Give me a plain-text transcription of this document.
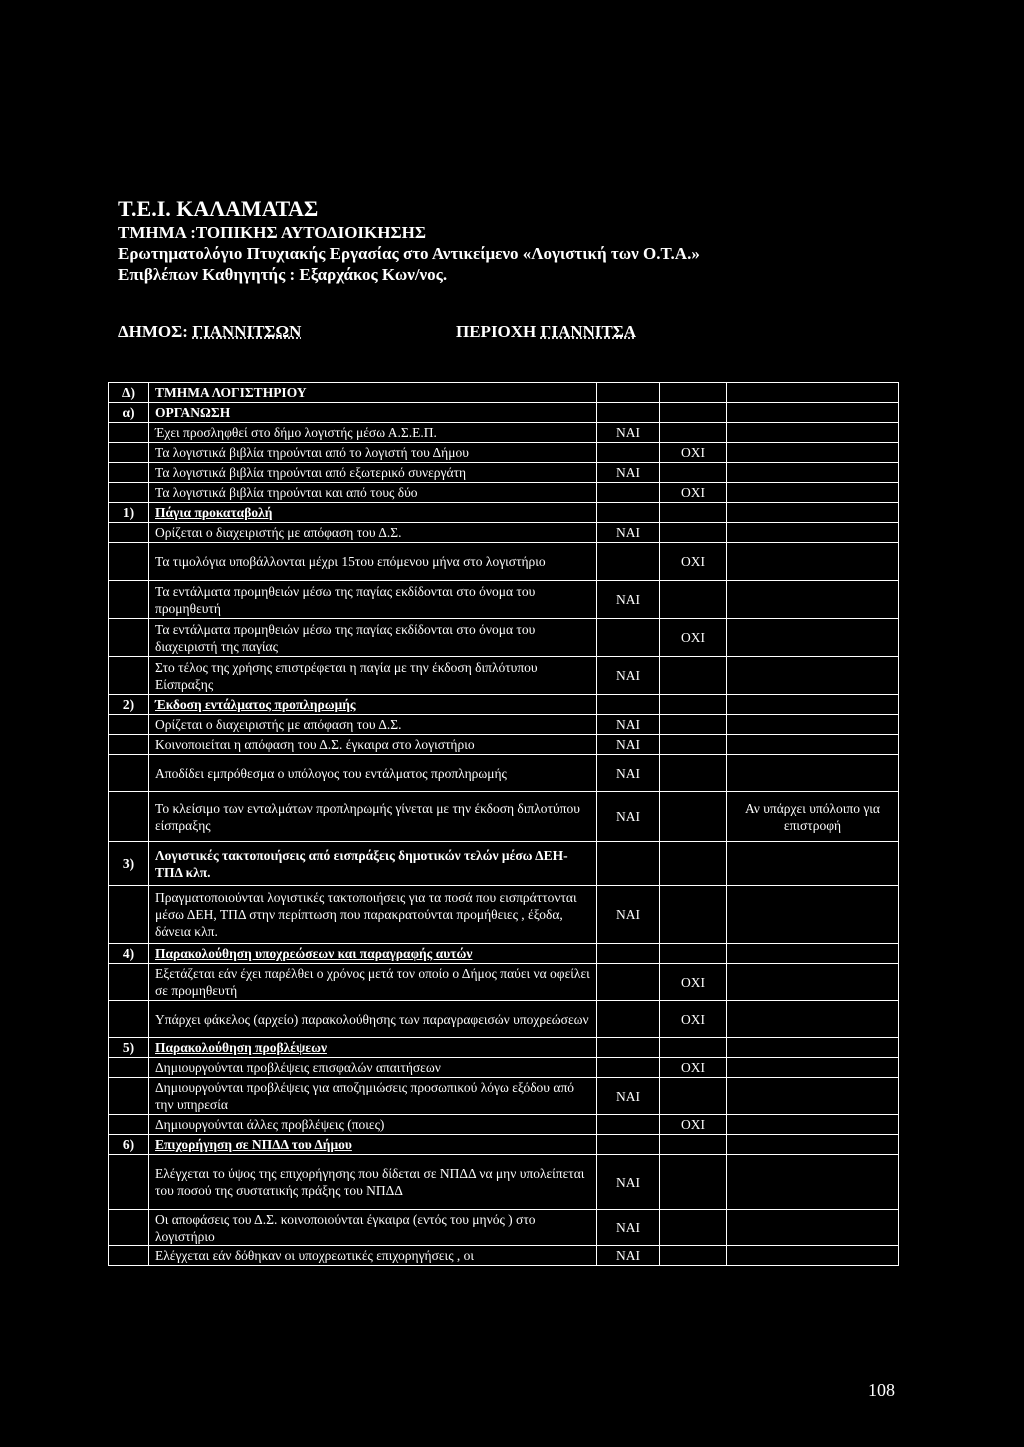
Τ.Ε.Ι. ΚΑΛΑΜΑΤΑΣ

ΤΜΗΜΑ :ΤΟΠΙΚΗΣ ΑΥΤΟΔΙΟΙΚΗΣΗΣ

Ερωτηματολόγιο Πτυχιακής Εργασίας στο Αντικείμενο «Λογιστική των Ο.Τ.Α.»

Επιβλέπων Καθηγητής : Εξαρχάκος Κων/νος.

ΔΗΜΟΣ: ΓΙΑΝΝΙΤΣΩΝ	ΠΕΡΙΟΧΗ ΓΙΑΝΝΙΤΣΑ
Δ)	ΤΜΗΜΑ ΛΟΓΙΣΤΗΡΙΟΥ			
α)	ΟΡΓΑΝΩΣΗ			
	Έχει προσληφθεί στο δήμο λογιστής μέσω Α.Σ.Ε.Π.	ΝΑΙ		
	Τα λογιστικά βιβλία τηρούνται από το λογιστή του Δήμου		ΟΧΙ	
	Τα λογιστικά βιβλία τηρούνται από εξωτερικό συνεργάτη	ΝΑΙ		
	Τα λογιστικά βιβλία τηρούνται και από τους δύο		ΟΧΙ	
1)	Πάγια προκαταβολή			
	Ορίζεται ο διαχειριστής με απόφαση του Δ.Σ.	ΝΑΙ		
	Τα τιμολόγια υποβάλλονται μέχρι 15του επόμενου μήνα στο λογιστήριο		ΟΧΙ	
	Τα εντάλματα προμηθειών μέσω της παγίας εκδίδονται στο όνομα του προμηθευτή	ΝΑΙ		
	Τα εντάλματα προμηθειών μέσω της παγίας εκδίδονται στο όνομα του διαχειριστή της παγίας		ΟΧΙ	
	Στο τέλος της χρήσης επιστρέφεται η παγία με την έκδοση διπλότυπου Είσπραξης	ΝΑΙ		
2)	Έκδοση εντάλματος προπληρωμής			
	Ορίζεται ο διαχειριστής με απόφαση του Δ.Σ.	ΝΑΙ		
	Κοινοποιείται η απόφαση του Δ.Σ. έγκαιρα στο λογιστήριο	ΝΑΙ		
	Αποδίδει εμπρόθεσμα ο υπόλογος του εντάλματος προπληρωμής	ΝΑΙ		
	Το κλείσιμο των ενταλμάτων προπληρωμής γίνεται με την έκδοση διπλοτύπου είσπραξης	ΝΑΙ		Αν υπάρχει υπόλοιπο για επιστροφή
3)	Λογιστικές τακτοποιήσεις από εισπράξεις δημοτικών τελών μέσω ΔΕΗ-ΤΠΔ κλπ.			
	Πραγματοποιούνται λογιστικές τακτοποιήσεις για τα ποσά που εισπράττονται μέσω ΔΕΗ, ΤΠΔ στην περίπτωση που παρακρατούνται προμήθειες , έξοδα, δάνεια κλπ.	ΝΑΙ		
4)	Παρακολούθηση υποχρεώσεων και παραγραφής αυτών			
	Εξετάζεται εάν έχει παρέλθει ο χρόνος μετά τον οποίο ο Δήμος παύει να οφείλει σε προμηθευτή		ΟΧΙ	
	Υπάρχει φάκελος (αρχείο) παρακολούθησης των παραγραφεισών υποχρεώσεων		ΟΧΙ	
5)	Παρακολούθηση προβλέψεων			
	Δημιουργούνται προβλέψεις επισφαλών απαιτήσεων		ΟΧΙ	
	Δημιουργούνται προβλέψεις για αποζημιώσεις προσωπικού λόγω εξόδου από την υπηρεσία	ΝΑΙ		
	Δημιουργούνται άλλες προβλέψεις (ποιες)		ΟΧΙ	
6)	Επιχορήγηση σε ΝΠΔΔ του Δήμου			
	Ελέγχεται το ύψος της επιχορήγησης που δίδεται σε ΝΠΔΔ να μην υπολείπεται του ποσού της συστατικής πράξης του ΝΠΔΔ	ΝΑΙ		
	Οι αποφάσεις του Δ.Σ. κοινοποιούνται έγκαιρα (εντός του μηνός ) στο λογιστήριο	ΝΑΙ		
	Ελέγχεται εάν δόθηκαν οι υποχρεωτικές επιχορηγήσεις , οι	ΝΑΙ		
108
